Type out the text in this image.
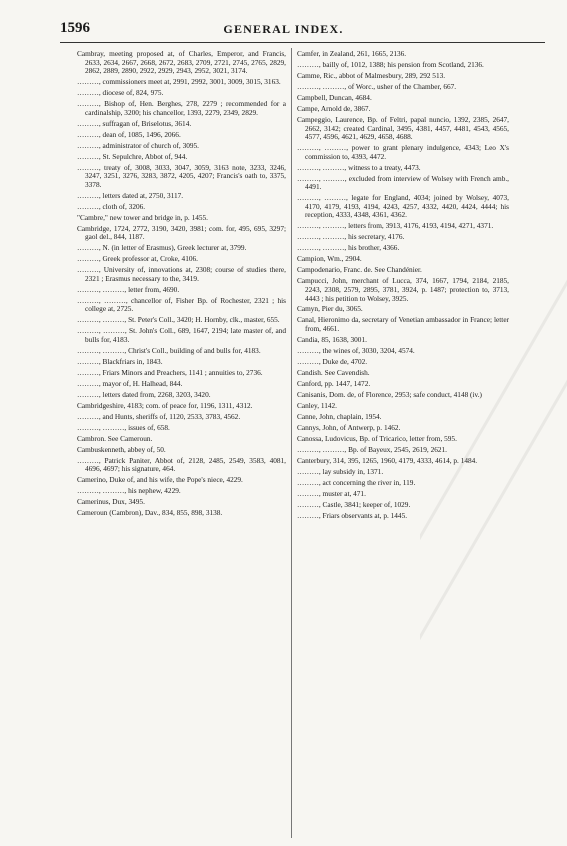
1596	GENERAL INDEX.
Cambray, meeting proposed at, of Charles, Emperor, and Francis, 2633, 2634, 2667, 2668, 2672, 2683, 2709, 2721, 2745, 2765, 2829, 2862, 2889, 2890, 2922, 2929, 2943, 2952, 3021, 3174.
………, commissioners meet at, 2991, 2992, 3001, 3009, 3015, 3163.
………, diocese of, 824, 975.
………, Bishop of, Hen. Berghes, 278, 2279 ; recommended for a cardinalship, 3200; his chancellor, 1393, 2279, 2349, 2829.
………, suffragan of, Briselotus, 3614.
………, dean of, 1085, 1496, 2066.
………, administrator of church of, 3095.
………, St. Sepulchre, Abbot of, 944.
………, treaty of, 3008, 3033, 3047, 3059, 3163 note, 3233, 3246, 3247, 3251, 3276, 3283, 3872, 4205, 4207; Francis's oath to, 3375, 3378.
………, letters dated at, 2750, 3117.
………, cloth of, 3206.
"Cambre," new tower and bridge in, p. 1455.
Cambridge, 1724, 2772, 3190, 3420, 3981; com. for, 495, 695, 3297; gaol del., 844, 1187.
………, N. (in letter of Erasmus), Greek lecturer at, 3799.
………, Greek professor at, Croke, 4106.
………, University of, innovations at, 2308; course of studies there, 2321 ; Erasmus necessary to the, 3419.
………, ………, letter from, 4690.
………, ………, chancellor of, Fisher Bp. of Rochester, 2321 ; his college at, 2725.
………, ………, St. Peter's Coll., 3420; H. Hornby, clk., master, 655.
………, ………, St. John's Coll., 689, 1647, 2194; late master of, and bulls for, 4183.
………, ………, Christ's Coll., building of and bulls for, 4183.
………, Blackfriars in, 1843.
………, Friars Minors and Preachers, 1141 ; annuities to, 2736.
………, mayor of, H. Halhead, 844.
………, letters dated from, 2268, 3203, 3420.
Cambridgeshire, 4183; com. of peace for, 1196, 1311, 4312.
………, and Hunts, sheriffs of, 1120, 2533, 3783, 4562.
………, ………, issues of, 658.
Cambron. See Cameroun.
Cambuskenneth, abbey of, 50.
………, Patrick Paniter, Abbot of, 2128, 2485, 2549, 3583, 4081, 4696, 4697; his signature, 464.
Camerino, Duke of, and his wife, the Pope's niece, 4229.
………, ………, his nephew, 4229.
Camerinus, Dux, 3495.
Cameroun (Cambron), Dav., 834, 855, 898, 3138.
Camfer, in Zealand, 261, 1665, 2136.
………, bailly of, 1012, 1388; his pension from Scotland, 2136.
Camme, Ric., abbot of Malmesbury, 289, 292 513.
………, ………, of Worc., usher of the Chamber, 667.
Campbell, Duncan, 4684.
Campe, Arnold de, 3867.
Campeggio, Laurence, Bp. of Feltri, papal nuncio, 1392, 2385, 2647, 2662, 3142; created Cardinal, 3495, 4381, 4457, 4481, 4543, 4565, 4577, 4596, 4621, 4629, 4658, 4688.
………, ………, power to grant plenary indulgence, 4343; Leo X's commission to, 4393, 4472.
………, ………, witness to a treaty, 4473.
………, ………, excluded from interview of Wolsey with French amb., 4491.
………, ………, legate for England, 4034; joined by Wolsey, 4073, 4170, 4179, 4193, 4194, 4243, 4257, 4332, 4420, 4424, 4444; his reception, 4333, 4348, 4361, 4362.
………, ………, letters from, 3913, 4176, 4193, 4194, 4271, 4371.
………, ………, his secretary, 4176.
………, ………, his brother, 4366.
Campion, Wm., 2904.
Campodenario, Franc. de. See Chandénier.
Campucci, John, merchant of Lucca, 374, 1667, 1794, 2184, 2185, 2243, 2308, 2579, 2895, 3781, 3924, p. 1487; protection to, 3713, 4443 ; his petition to Wolsey, 3925.
Camyn, Pier du, 3065.
Canal, Hieronimo da, secretary of Venetian ambassador in France; letter from, 4661.
Candia, 85, 1638, 3001.
………, the wines of, 3030, 3204, 4574.
………, Duke de, 4702.
Candish. See Cavendish.
Canford, pp. 1447, 1472.
Canisanis, Dom. de, of Florence, 2953; safe conduct, 4148 (iv.)
Canley, 1142.
Canne, John, chaplain, 1954.
Cannys, John, of Antwerp, p. 1462.
Canossa, Ludovicus, Bp. of Tricarico, letter from, 595.
………, ………, Bp. of Bayeux, 2545, 2619, 2621.
Canterbury, 314, 395, 1265, 1960, 4179, 4333, 4614, p. 1484.
………, lay subsidy in, 1371.
………, act concerning the river in, 119.
………, muster at, 471.
………, Castle, 3841; keeper of, 1029.
………, Friars observants at, p. 1445.
